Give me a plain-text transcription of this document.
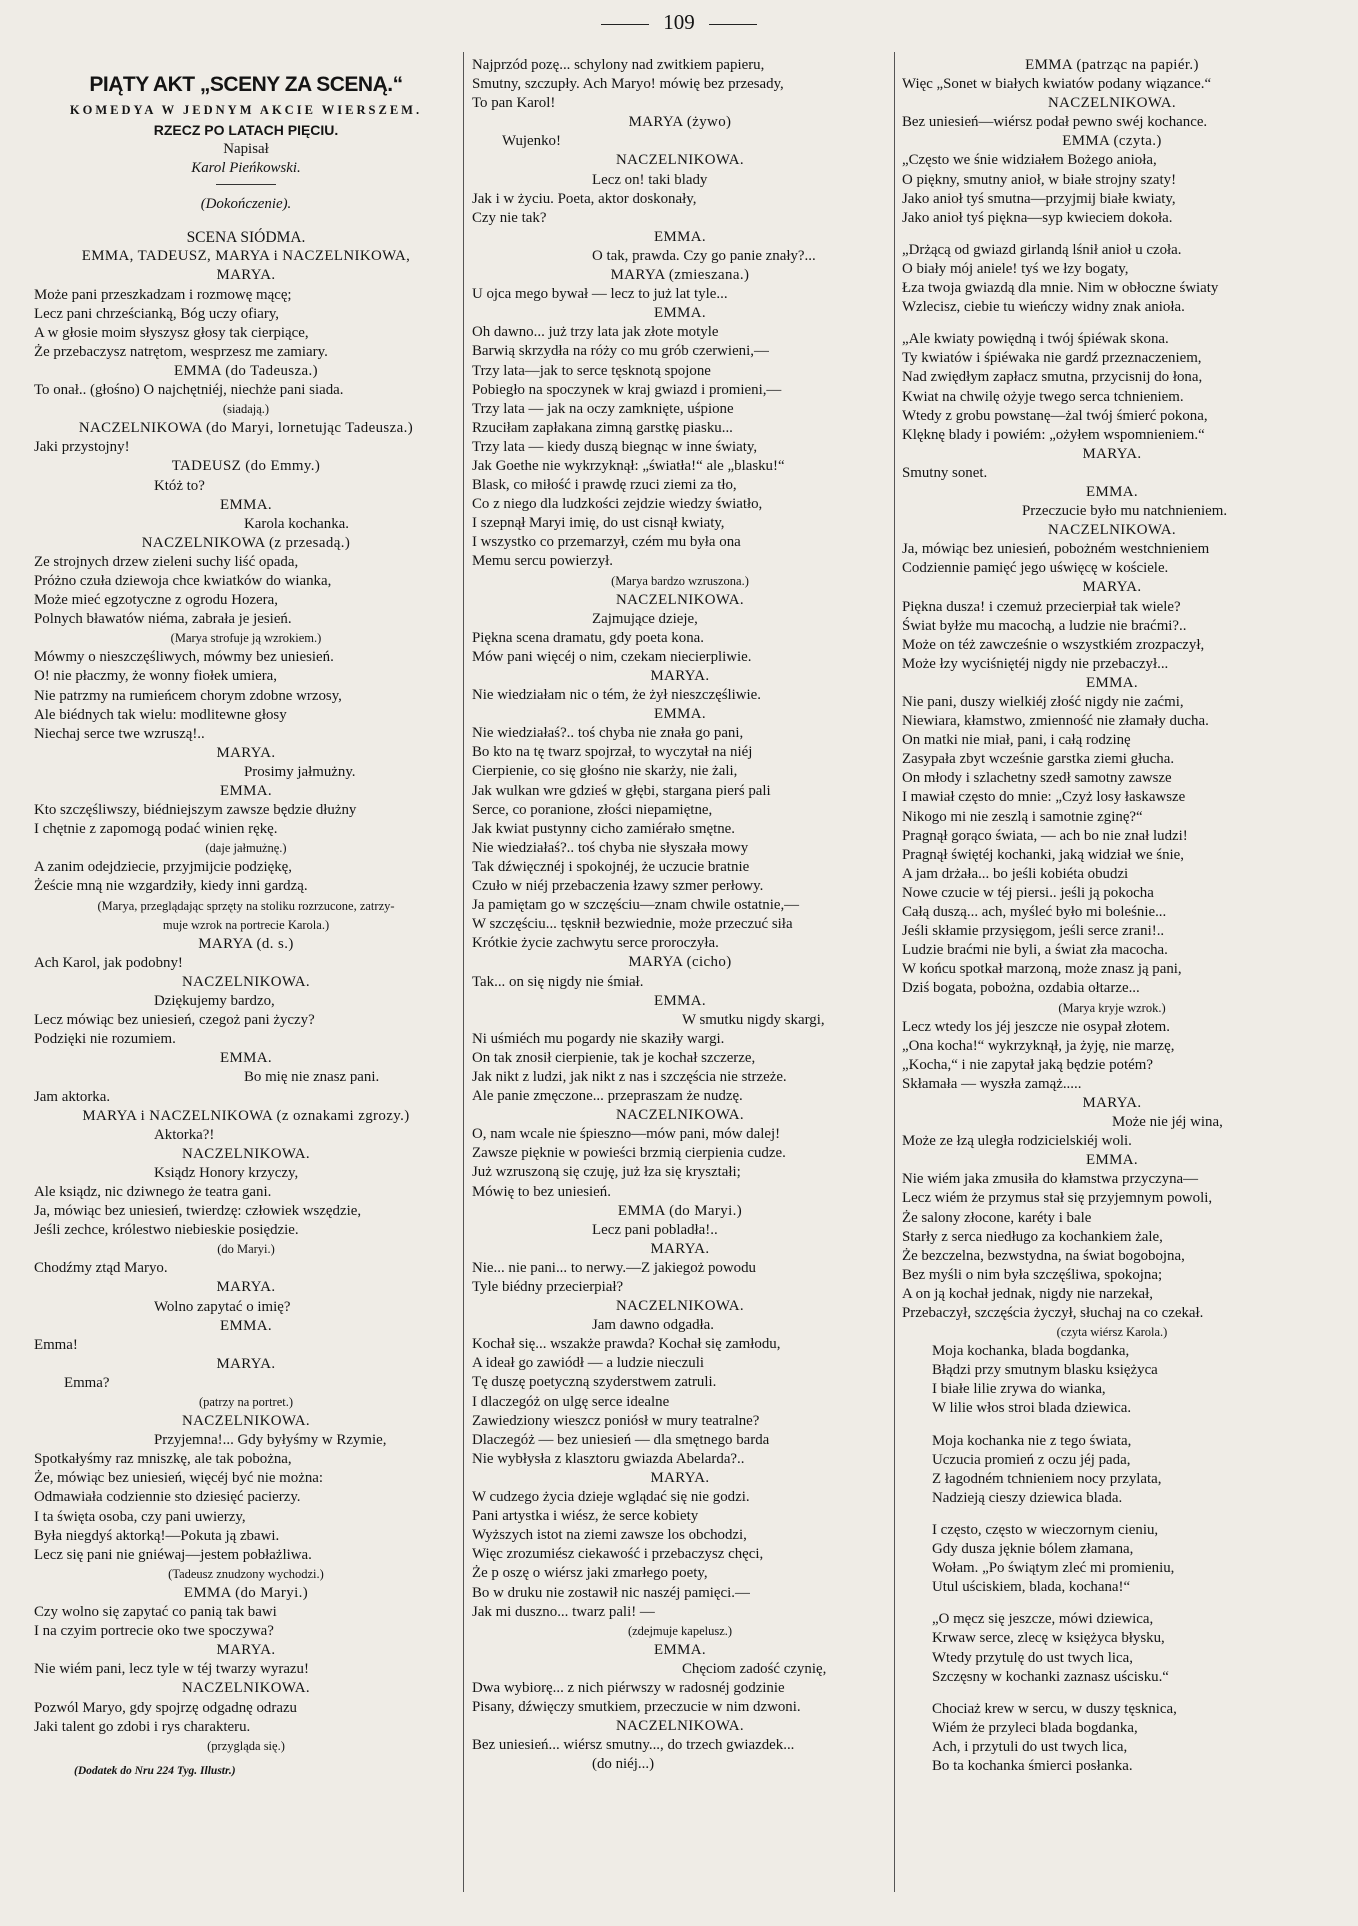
109
PIĄTY AKT „SCENY ZA SCENĄ.“
KOMEDYA W JEDNYM AKCIE WIERSZEM.
RZECZ PO LATACH PIĘCIU.
Napisał
Karol Pieńkowski.
(Dokończenie).
SCENA SIÓDMA.
EMMA, TADEUSZ, MARYA i NACZELNIKOWA,
MARYA.
Może pani przeszkadzam i rozmowę mącę;
Lecz pani chrześcianką, Bóg uczy ofiary,
A w głosie moim słyszysz głosy tak cierpiące,
Że przebaczysz natrętom, wesprzesz me zamiary.
EMMA (do Tadeusza.)
To onał.. (głośno) O najchętniéj, niechże pani siada.
(siadają.)
NACZELNIKOWA (do Maryi, lornetując Tadeusza.)
Jaki przystojny!
TADEUSZ (do Emmy.)
Któż to?
EMMA.
Karola kochanka.
NACZELNIKOWA (z przesadą.)
Ze strojnych drzew zieleni suchy liść opada,
Próżno czuła dziewoja chce kwiatków do wianka,
Może mieć egzotyczne z ogrodu Hozera,
Polnych bławatów niéma, zabrała je jesień.
(Marya strofuje ją wzrokiem.)
Mówmy o nieszczęśliwych, mówmy bez uniesień.
O! nie płaczmy, że wonny fiołek umiera,
Nie patrzmy na rumieńcem chorym zdobne wrzosy,
Ale biédnych tak wielu: modlitewne głosy
Niechaj serce twe wzruszą!..
MARYA.
Prosimy jałmużny.
EMMA.
Kto szczęśliwszy, biédniejszym zawsze będzie dłużny
I chętnie z zapomogą podać winien rękę.
(daje jałmużnę.)
A zanim odejdziecie, przyjmijcie podziękę,
Żeście mną nie wzgardziły, kiedy inni gardzą.
(Marya, przeglądając sprzęty na stoliku rozrzucone, zatrzy-
muje wzrok na portrecie Karola.)
MARYA (d. s.)
Ach Karol, jak podobny!
NACZELNIKOWA.
Dziękujemy bardzo,
Lecz mówiąc bez uniesień, czegoż pani życzy?
Podzięki nie rozumiem.
EMMA.
Bo mię nie znasz pani.
Jam aktorka.
MARYA i NACZELNIKOWA (z oznakami zgrozy.)
Aktorka?!
NACZELNIKOWA.
Ksiądz Honory krzyczy,
Ale ksiądz, nic dziwnego że teatra gani.
Ja, mówiąc bez uniesień, twierdzę: człowiek wszędzie,
Jeśli zechce, królestwo niebieskie posiędzie.
(do Maryi.)
Chodźmy ztąd Maryo.
MARYA.
Wolno zapytać o imię?
EMMA.
Emma!
MARYA.
Emma?
(patrzy na portret.)
NACZELNIKOWA.
Przyjemna!... Gdy byłyśmy w Rzymie,
Spotkałyśmy raz mniszkę, ale tak pobożna,
Że, mówiąc bez uniesień, więcéj być nie można:
Odmawiała codziennie sto dziesięć pacierzy.
I ta święta osoba, czy pani uwierzy,
Była niegdyś aktorką!—Pokuta ją zbawi.
Lecz się pani nie gniéwaj—jestem pobłażliwa.
(Tadeusz znudzony wychodzi.)
EMMA (do Maryi.)
Czy wolno się zapytać co panią tak bawi
I na czyim portrecie oko twe spoczywa?
MARYA.
Nie wiém pani, lecz tyle w téj twarzy wyrazu!
NACZELNIKOWA.
Pozwól Maryo, gdy spojrzę odgadnę odrazu
Jaki talent go zdobi i rys charakteru.
(przygląda się.)
(Dodatek do Nru 224 Tyg. Illustr.)
Najprzód pozę... schylony nad zwitkiem papieru,
Smutny, szczupły. Ach Maryo! mówię bez przesady,
To pan Karol!
MARYA (żywo)
Wujenko!
NACZELNIKOWA.
Lecz on! taki blady
Jak i w życiu. Poeta, aktor doskonały,
Czy nie tak?
EMMA.
O tak, prawda. Czy go panie znały?...
MARYA (zmieszana.)
U ojca mego bywał — lecz to już lat tyle...
EMMA.
Oh dawno... już trzy lata jak złote motyle
Barwią skrzydła na róży co mu grób czerwieni,—
Trzy lata—jak to serce tęsknotą spojone
Pobiegło na spoczynek w kraj gwiazd i promieni,—
Trzy lata — jak na oczy zamknięte, uśpione
Rzuciłam zapłakana zimną garstkę piasku...
Trzy lata — kiedy duszą biegnąc w inne światy,
Jak Goethe nie wykrzyknął: „światła!“ ale „blasku!“
Blask, co miłość i prawdę rzuci ziemi za tło,
Co z niego dla ludzkości zejdzie wiedzy światło,
I szepnął Maryi imię, do ust cisnął kwiaty,
I wszystko co przemarzył, czém mu była ona
Memu sercu powierzył.
(Marya bardzo wzruszona.)
NACZELNIKOWA.
Zajmujące dzieje,
Piękna scena dramatu, gdy poeta kona.
Mów pani więcéj o nim, czekam niecierpliwie.
MARYA.
Nie wiedziałam nic o tém, że żył nieszczęśliwie.
EMMA.
Nie wiedziałaś?.. toś chyba nie znała go pani,
Bo kto na tę twarz spojrzał, to wyczytał na niéj
Cierpienie, co się głośno nie skarży, nie żali,
Jak wulkan wre gdzieś w głębi, stargana pierś pali
Serce, co poranione, złości niepamiętne,
Jak kwiat pustynny cicho zamiérało smętne.
Nie wiedziałaś?.. toś chyba nie słyszała mowy
Tak dźwięcznéj i spokojnéj, że uczucie bratnie
Czuło w niéj przebaczenia łzawy szmer perłowy.
Ja pamiętam go w szczęściu—znam chwile ostatnie,—
W szczęściu... tęsknił bezwiednie, może przeczuć siła
Krótkie życie zachwytu serce proroczyła.
MARYA (cicho)
Tak... on się nigdy nie śmiał.
EMMA.
W smutku nigdy skargi,
Ni uśmiéch mu pogardy nie skaziły wargi.
On tak znosił cierpienie, tak je kochał szczerze,
Jak nikt z ludzi, jak nikt z nas i szczęścia nie strzeże.
Ale panie zmęczone... przepraszam że nudzę.
NACZELNIKOWA.
O, nam wcale nie śpieszno—mów pani, mów dalej!
Zawsze pięknie w powieści brzmią cierpienia cudze.
Już wzruszoną się czuję, już łza się kryształi;
Mówię to bez uniesień.
EMMA (do Maryi.)
Lecz pani pobladła!..
MARYA.
Nie... nie pani... to nerwy.—Z jakiegoż powodu
Tyle biédny przecierpiał?
NACZELNIKOWA.
Jam dawno odgadła.
Kochał się... wszakże prawda? Kochał się zamłodu,
A ideał go zawiódł — a ludzie nieczuli
Tę duszę poetyczną szyderstwem zatruli.
I dlaczegóż on ulgę serce idealne
Zawiedziony wieszcz poniósł w mury teatralne?
Dlaczegóż — bez uniesień — dla smętnego barda
Nie wybłysła z klasztoru gwiazda Abelarda?..
MARYA.
W cudzego życia dzieje wglądać się nie godzi.
Pani artystka i wiész, że serce kobiety
Wyższych istot na ziemi zawsze los obchodzi,
Więc zrozumiész ciekawość i przebaczysz chęci,
Że p oszę o wiérsz jaki zmarłego poety,
Bo w druku nie zostawił nic naszéj pamięci.—
Jak mi duszno... twarz pali! —
(zdejmuje kapelusz.)
EMMA.
Chęciom zadość czynię,
Dwa wybiorę... z nich piérwszy w radosnéj godzinie
Pisany, dźwięczy smutkiem, przeczucie w nim dzwoni.
NACZELNIKOWA.
Bez uniesień... wiérsz smutny..., do trzech gwiazdek...
(do niéj...)
EMMA (patrząc na papiér.)
Więc „Sonet w białych kwiatów podany wiązance.“
NACZELNIKOWA.
Bez uniesień—wiérsz podał pewno swéj kochance.
EMMA (czyta.)
„Często we śnie widziałem Bożego anioła,
O piękny, smutny anioł, w białe strojny szaty!
Jako anioł tyś smutna—przyjmij białe kwiaty,
Jako anioł tyś piękna—syp kwieciem dokoła.
„Drżącą od gwiazd girlandą lśnił anioł u czoła.
O biały mój aniele! tyś we łzy bogaty,
Łza twoja gwiazdą dla mnie. Nim w obłoczne światy
Wzlecisz, ciebie tu wieńczy widny znak anioła.
„Ale kwiaty powiędną i twój śpiéwak skona.
Ty kwiatów i śpiéwaka nie gardź przeznaczeniem,
Nad zwiędłym zapłacz smutna, przycisnij do łona,
Kwiat na chwilę ożyje twego serca tchnieniem.
Wtedy z grobu powstanę—żal twój śmierć pokona,
Klęknę blady i powiém: „ożyłem wspomnieniem.“
MARYA.
Smutny sonet.
EMMA.
Przeczucie było mu natchnieniem.
NACZELNIKOWA.
Ja, mówiąc bez uniesień, pobożném westchnieniem
Codziennie pamięć jego uświęcę w kościele.
MARYA.
Piękna dusza! i czemuż przecierpiał tak wiele?
Świat byłże mu macochą, a ludzie nie braćmi?..
Może on téż zawcześnie o wszystkiém zrozpaczył,
Może łzy wyciśniętéj nigdy nie przebaczył...
EMMA.
Nie pani, duszy wielkiéj złość nigdy nie zaćmi,
Niewiara, kłamstwo, zmienność nie złamały ducha.
On matki nie miał, pani, i całą rodzinę
Zasypała zbyt wcześnie garstka ziemi głucha.
On młody i szlachetny szedł samotny zawsze
I mawiał często do mnie: „Czyż losy łaskawsze
Nikogo mi nie zeszlą i samotnie zginę?“
Pragnął gorąco świata, — ach bo nie znał ludzi!
Pragnął świętéj kochanki, jaką widział we śnie,
A jam drżała... bo jeśli kobiéta obudzi
Nowe czucie w téj piersi.. jeśli ją pokocha
Całą duszą... ach, myśleć było mi boleśnie...
Jeśli skłamie przysięgom, jeśli serce zrani!..
Ludzie braćmi nie byli, a świat zła macocha.
W końcu spotkał marzoną, może znasz ją pani,
Dziś bogata, pobożna, ozdabia ołtarze...
(Marya kryje wzrok.)
Lecz wtedy los jéj jeszcze nie osypał złotem.
„Ona kocha!“ wykrzyknął, ja żyję, nie marzę,
„Kocha,“ i nie zapytał jaką będzie potém?
Skłamała — wyszła zamąż.....
MARYA.
Może nie jéj wina,
Może ze łzą uległa rodzicielskiéj woli.
EMMA.
Nie wiém jaka zmusiła do kłamstwa przyczyna—
Lecz wiém że przymus stał się przyjemnym powoli,
Że salony złocone, karéty i bale
Starły z serca niedługo za kochankiem żale,
Że bezczelna, bezwstydna, na świat bogobojna,
Bez myśli o nim była szczęśliwa, spokojna;
A on ją kochał jednak, nigdy nie narzekał,
Przebaczył, szczęścia życzył, słuchaj na co czekał.
(czyta wiérsz Karola.)
Moja kochanka, blada bogdanka,
Błądzi przy smutnym blasku księżyca
I białe lilie zrywa do wianka,
W lilie włos stroi blada dziewica.
Moja kochanka nie z tego świata,
Uczucia promień z oczu jéj pada,
Z łagodném tchnieniem nocy przylata,
Nadzieją cieszy dziewica blada.
I często, często w wieczornym cieniu,
Gdy dusza jęknie bólem złamana,
Wołam. „Po świątym zleć mi promieniu,
Utul uściskiem, blada, kochana!“
„O męcz się jeszcze, mówi dziewica,
Krwaw serce, zlecę w księżyca błysku,
Wtedy przytulę do ust twych lica,
Szczęsny w kochanki zaznasz uścisku.“
Chociaż krew w sercu, w duszy tęsknica,
Wiém że przyleci blada bogdanka,
Ach, i przytuli do ust twych lica,
Bo ta kochanka śmierci posłanka.
